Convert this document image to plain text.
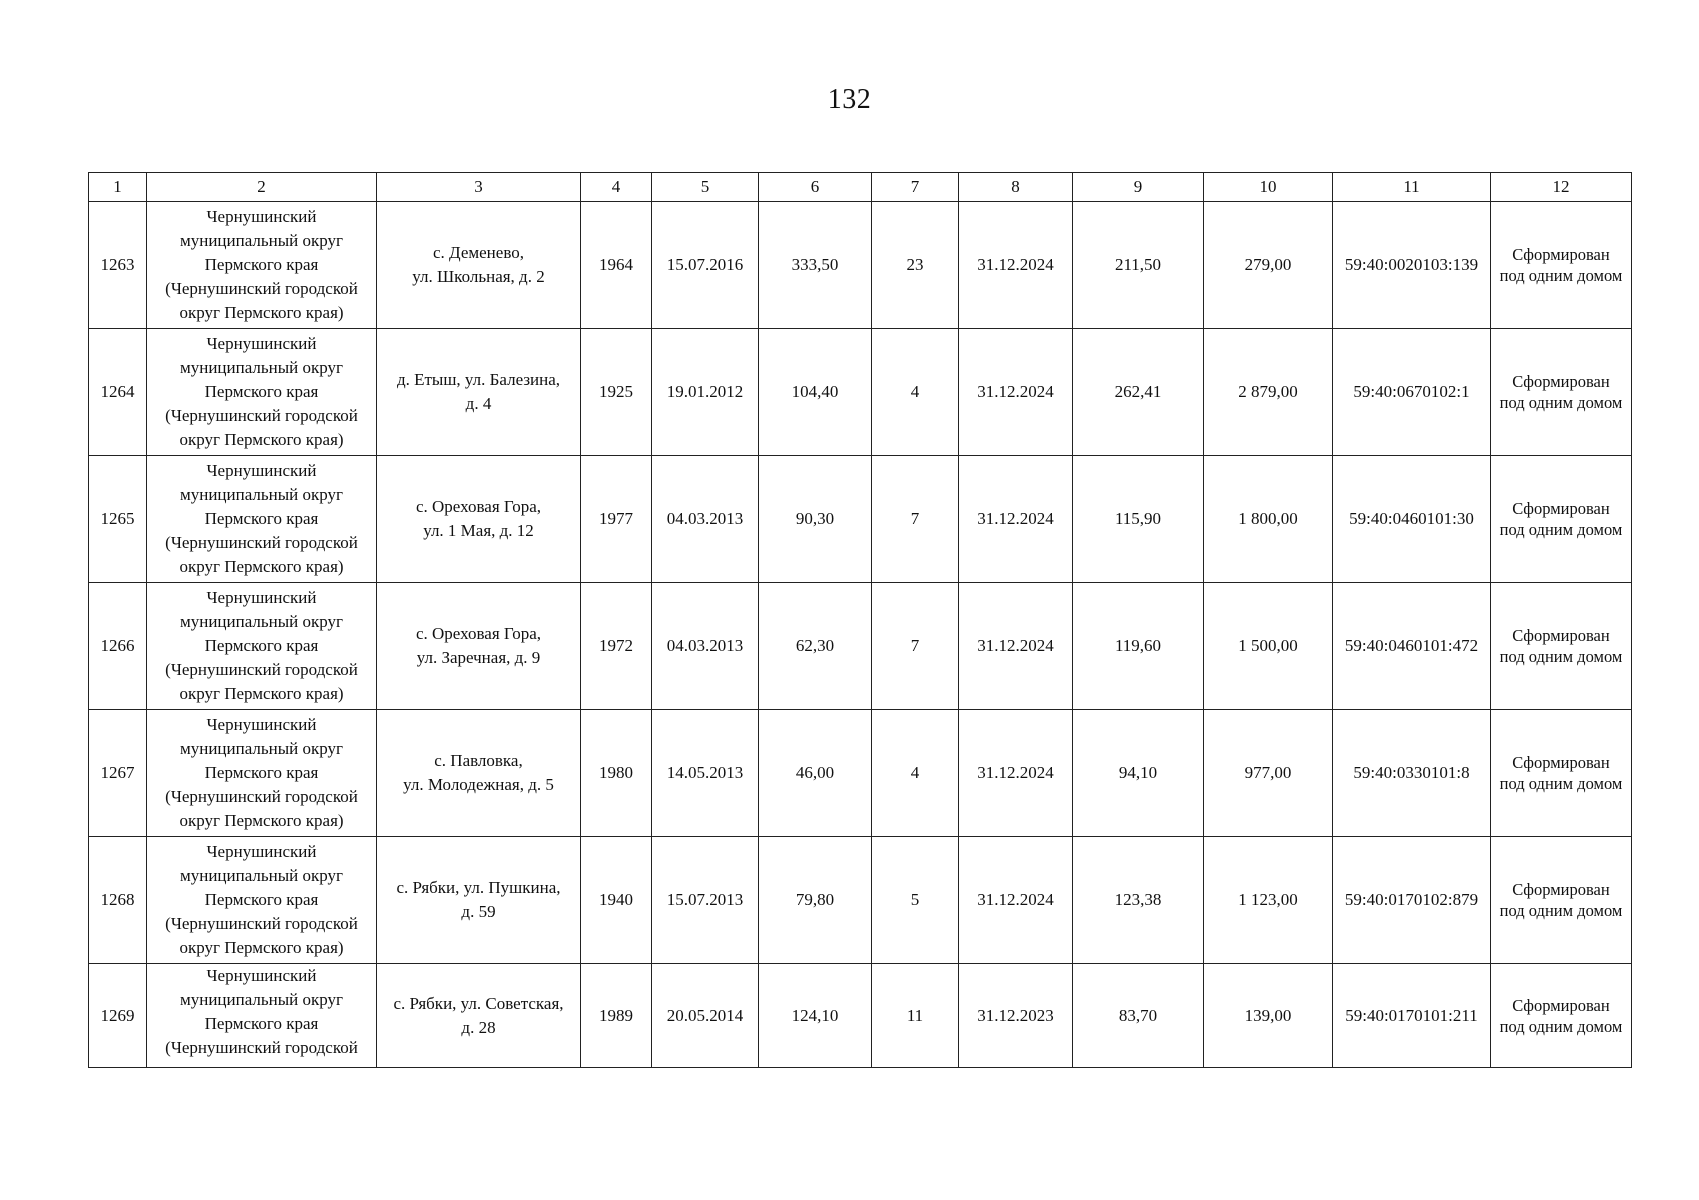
132
1	2	3	4	5	6	7	8	9	10	11	12
1263	Чернушинский
муниципальный округ
Пермского края
(Чернушинский городской
округ Пермского края)	с. Деменево,
ул. Школьная, д. 2	1964	15.07.2016	333,50	23	31.12.2024	211,50	279,00	59:40:0020103:139	Сформирован
под одним домом

1264	Чернушинский
муниципальный округ
Пермского края
(Чернушинский городской
округ Пермского края)	д. Етыш, ул. Балезина,
д. 4	1925	19.01.2012	104,40	4	31.12.2024	262,41	2 879,00	59:40:0670102:1	Сформирован
под одним домом

1265	Чернушинский
муниципальный округ
Пермского края
(Чернушинский городской
округ Пермского края)	с. Ореховая Гора,
ул. 1 Мая, д. 12	1977	04.03.2013	90,30	7	31.12.2024	115,90	1 800,00	59:40:0460101:30	Сформирован
под одним домом

1266	Чернушинский
муниципальный округ
Пермского края
(Чернушинский городской
округ Пермского края)	с. Ореховая Гора,
ул. Заречная, д. 9	1972	04.03.2013	62,30	7	31.12.2024	119,60	1 500,00	59:40:0460101:472	Сформирован
под одним домом

1267	Чернушинский
муниципальный округ
Пермского края
(Чернушинский городской
округ Пермского края)	с. Павловка,
ул. Молодежная, д. 5	1980	14.05.2013	46,00	4	31.12.2024	94,10	977,00	59:40:0330101:8	Сформирован
под одним домом

1268	Чернушинский
муниципальный округ
Пермского края
(Чернушинский городской
округ Пермского края)	с. Рябки, ул. Пушкина,
д. 59	1940	15.07.2013	79,80	5	31.12.2024	123,38	1 123,00	59:40:0170102:879	Сформирован
под одним домом

1269	Чернушинский
муниципальный округ
Пермского края
(Чернушинский городской	с. Рябки, ул. Советская,
д. 28	1989	20.05.2014	124,10	11	31.12.2023	83,70	139,00	59:40:0170101:211	Сформирован
под одним домом
